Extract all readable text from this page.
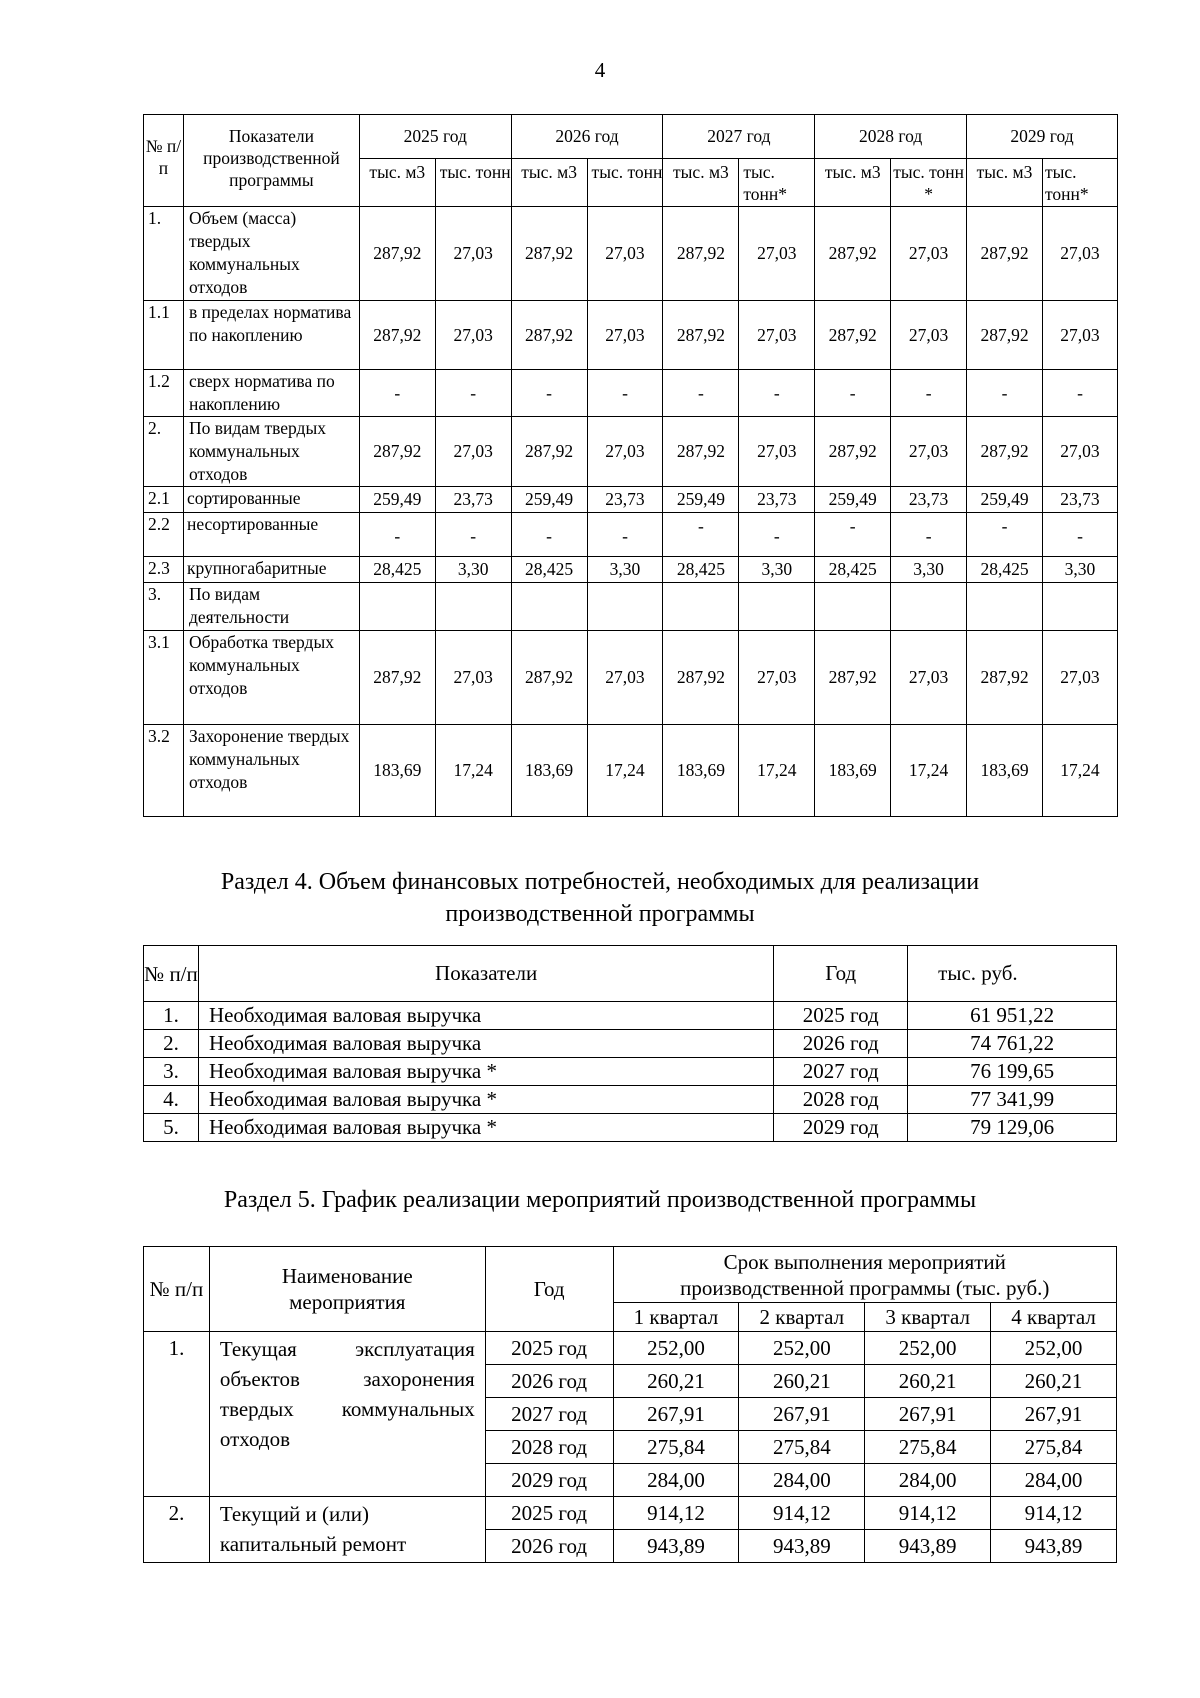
4
№ п/п	Показатели производственной программы	2025 год		2026 год		2027 год		2028 год		2029 год	
		тыс. м3	тыс. тонн	тыс. м3	тыс. тонн	тыс. м3	тыс. тонн*	тыс. м3	тыс. тонн *	тыс. м3	тыс. тонн*
1.	Объем (масса) твердых коммунальных отходов	287,92	27,03	287,92	27,03	287,92	27,03	287,92	27,03	287,92	27,03
1.1	в пределах норматива по накоплению	287,92	27,03	287,92	27,03	287,92	27,03	287,92	27,03	287,92	27,03
1.2	сверх норматива по накоплению	-	-	-	-	-	-	-	-	-	-
2.	По видам твердых коммунальных отходов	287,92	27,03	287,92	27,03	287,92	27,03	287,92	27,03	287,92	27,03
2.1	сортированные	259,49	23,73	259,49	23,73	259,49	23,73	259,49	23,73	259,49	23,73
2.2	несортированные	-	-	-	-	-	-	-	-	-	-
2.3	крупногабаритные	28,425	3,30	28,425	3,30	28,425	3,30	28,425	3,30	28,425	3,30
3.	По видам деятельности										
3.1	Обработка твердых коммунальных отходов	287,92	27,03	287,92	27,03	287,92	27,03	287,92	27,03	287,92	27,03
3.2	Захоронение твердых коммунальных отходов	183,69	17,24	183,69	17,24	183,69	17,24	183,69	17,24	183,69	17,24
Раздел 4. Объем финансовых потребностей, необходимых для реализации
производственной программы
№ п/п	Показатели	Год	тыс. руб.
1.	Необходимая валовая выручка	2025 год	61 951,22
2.	Необходимая валовая выручка	2026 год	74 761,22
3.	Необходимая валовая выручка *	2027 год	76 199,65
4.	Необходимая валовая выручка *	2028 год	77 341,99
5.	Необходимая валовая выручка *	2029 год	79 129,06
Раздел 5. График реализации мероприятий производственной программы
№ п/п	Наименование мероприятия	Год	Срок выполнения мероприятий производственной программы (тыс. руб.)			
			1 квартал	2 квартал	3 квартал	4 квартал
1.	Текущая эксплуатация объектов захоронения твердых коммунальных отходов	2025 год	252,00	252,00	252,00	252,00
		2026 год	260,21	260,21	260,21	260,21
		2027 год	267,91	267,91	267,91	267,91
		2028 год	275,84	275,84	275,84	275,84
		2029 год	284,00	284,00	284,00	284,00
2.	Текущий и (или) капитальный ремонт	2025 год	914,12	914,12	914,12	914,12
		2026 год	943,89	943,89	943,89	943,89
